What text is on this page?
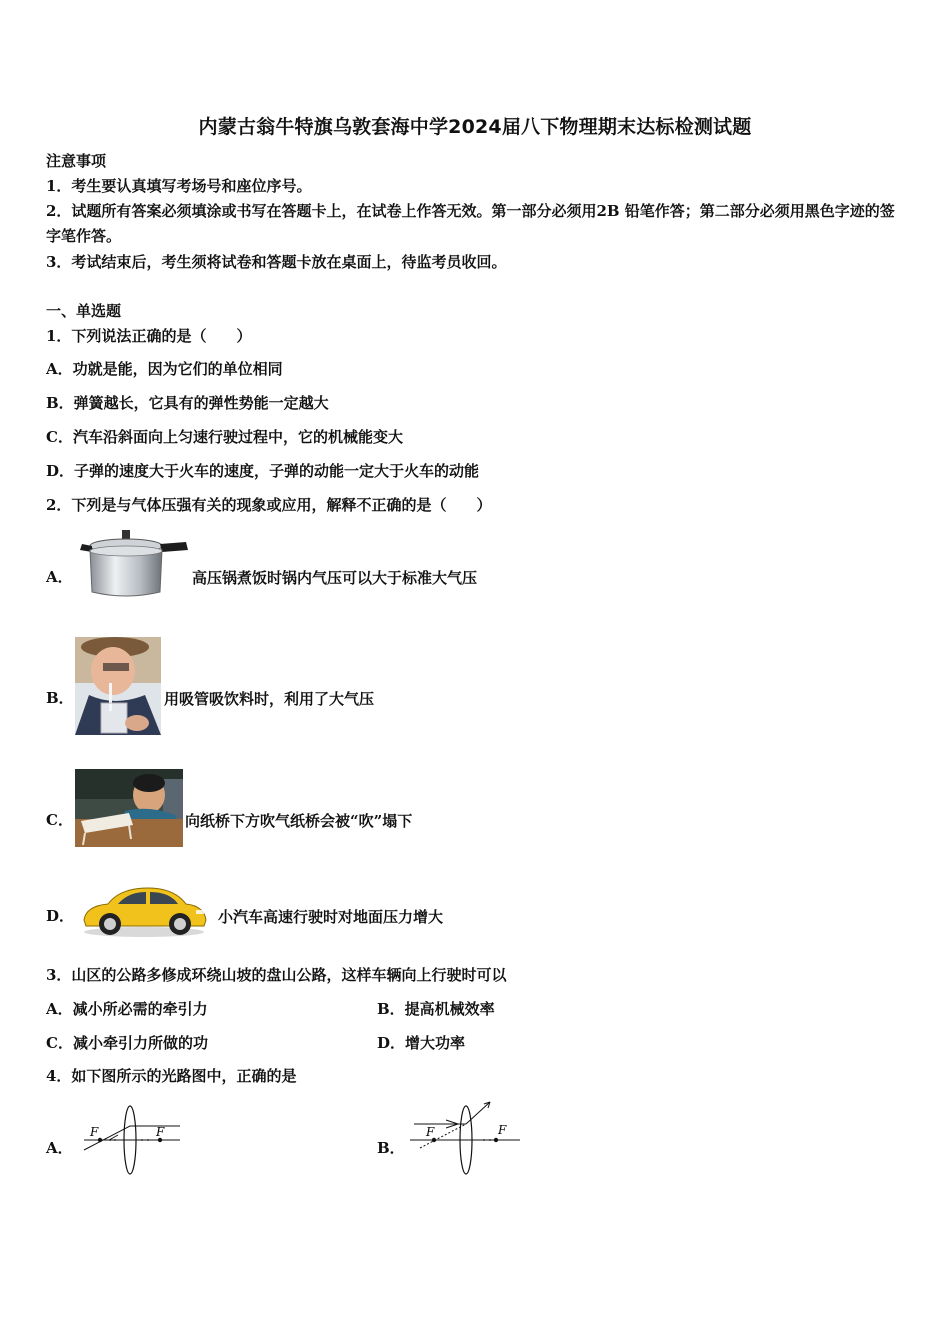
内蒙古翁牛特旗乌敦套海中学2024届八下物理期末达标检测试题
注意事项
1．考生要认真填写考场号和座位序号。
2．试题所有答案必须填涂或书写在答题卡上，在试卷上作答无效。第一部分必须用2B 铅笔作答；第二部分必须用黑色字迹的签字笔作答。
3．考试结束后，考生须将试卷和答题卡放在桌面上，待监考员收回。
一、单选题
1．下列说法正确的是（　　）
A．功就是能，因为它们的单位相同
B．弹簧越长，它具有的弹性势能一定越大
C．汽车沿斜面向上匀速行驶过程中，它的机械能变大
D．子弹的速度大于火车的速度，子弹的动能一定大于火车的动能
2．下列是与气体压强有关的现象或应用，解释不正确的是（　　）
A．	高压锅煮饭时锅内气压可以大于标准大气压
B．	用吸管吸饮料时，利用了大气压
C．	向纸桥下方吹气纸桥会被“吹”塌下
D．	小汽车高速行驶时对地面压力增大
3．山区的公路多修成环绕山坡的盘山公路，这样车辆向上行驶时可以
A．减小所必需的牵引力	B．提高机械效率
C．减小牵引力所做的功	D．增大功率
4．如下图所示的光路图中，正确的是
A．
F	F
B．
F	F
